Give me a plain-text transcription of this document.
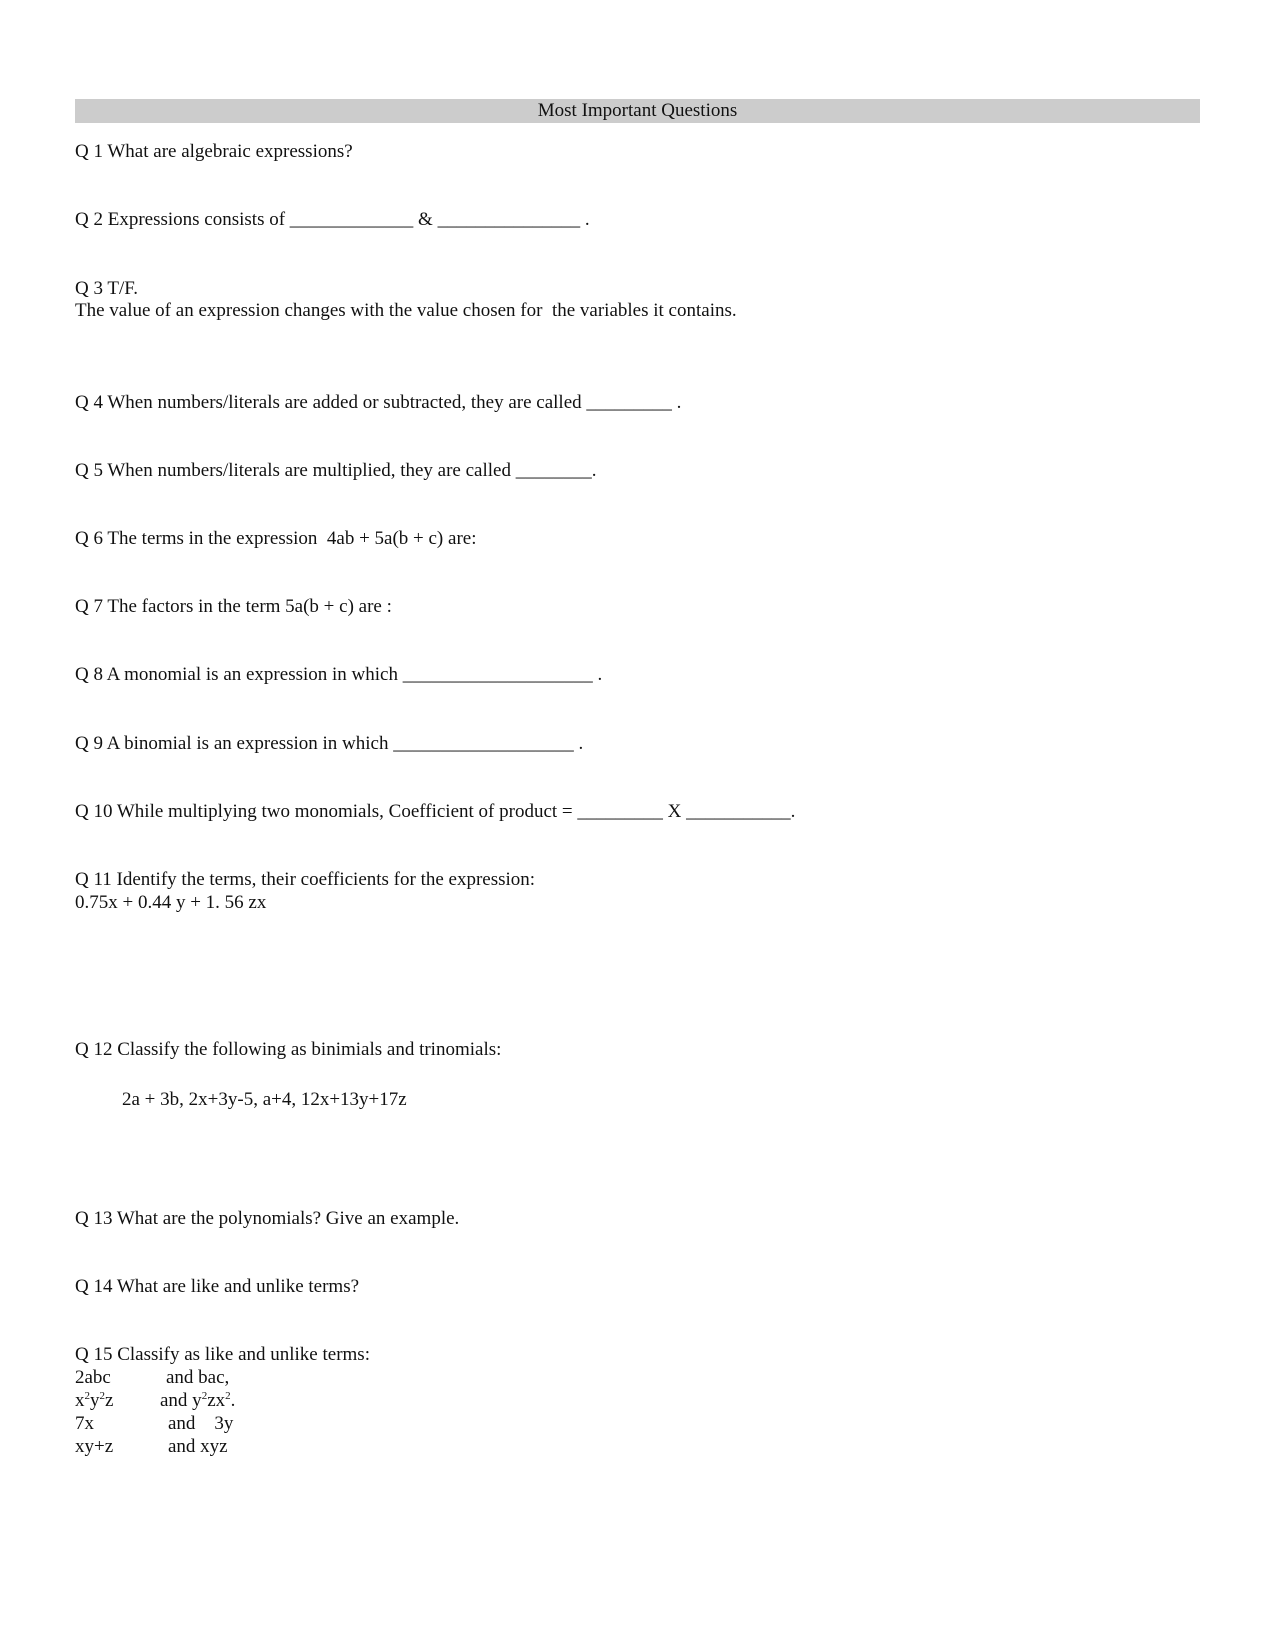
Most Important Questions
Q 1 What are algebraic expressions?
Q 2 Expressions consists of _____________ & _______________ .
Q 3 T/F.
The value of an expression changes with the value chosen for  the variables it contains.
Q 4 When numbers/literals are added or subtracted, they are called _________ .
Q 5 When numbers/literals are multiplied, they are called ________.
Q 6 The terms in the expression  4ab + 5a(b + c) are:
Q 7 The factors in the term 5a(b + c) are :
Q 8 A monomial is an expression in which ____________________ .
Q 9 A binomial is an expression in which ___________________ .
Q 10 While multiplying two monomials, Coefficient of product = _________ X ___________.
Q 11 Identify the terms, their coefficients for the expression:
0.75x + 0.44 y + 1. 56 zx
Q 12 Classify the following as binimials and trinomials:
2a + 3b, 2x+3y-5, a+4, 12x+13y+17z
Q 13 What are the polynomials? Give an example.
Q 14 What are like and unlike terms?
Q 15 Classify as like and unlike terms:
2abc	and bac,
$x^2y^2z$ and $y^2zx^2$.
7x	and    3y
xy+z	and xyz
